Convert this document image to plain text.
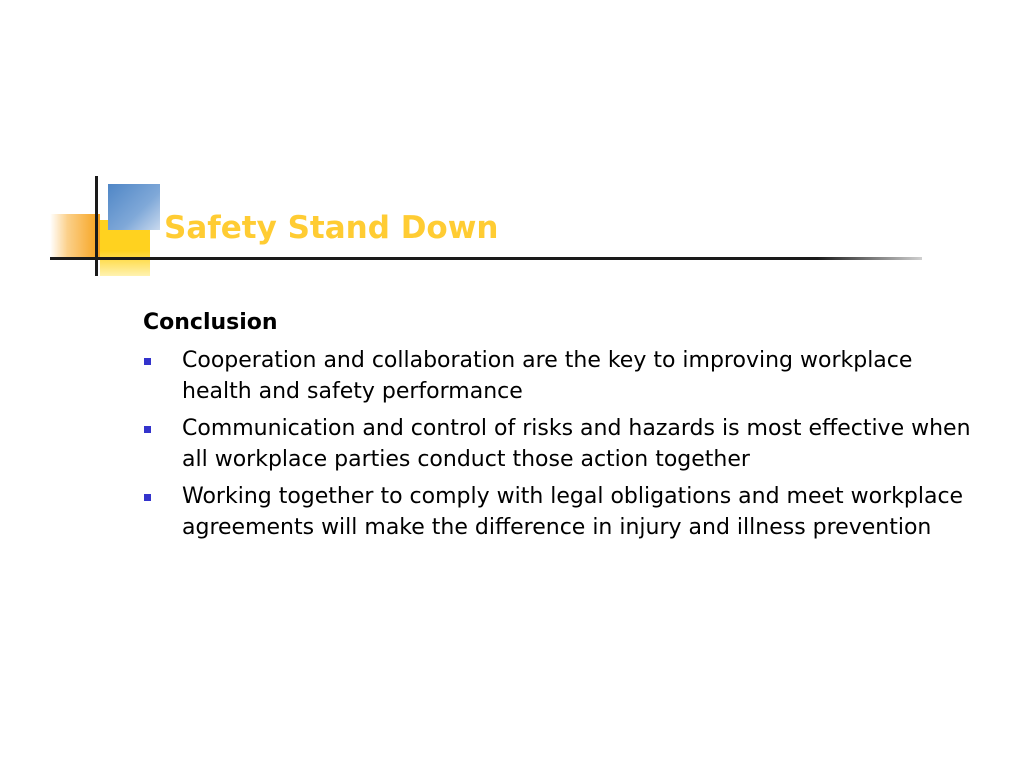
Safety Stand Down

Conclusion

Cooperation and collaboration are the key to improving workplace health and safety performance
Communication and control of risks and hazards is most effective when all workplace parties conduct those action together
Working together to comply with legal obligations and meet workplace agreements will make the difference in injury and illness prevention
